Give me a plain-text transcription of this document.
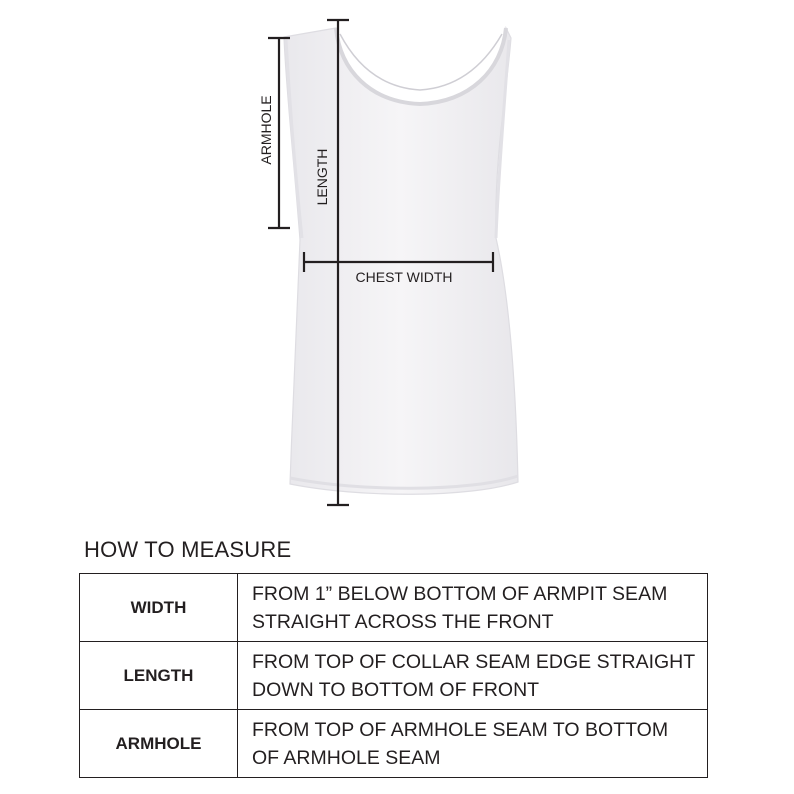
ARMHOLE
LENGTH
CHEST WIDTH
HOW TO MEASURE
WIDTH	FROM 1” BELOW BOTTOM OF ARMPIT SEAM
STRAIGHT ACROSS THE FRONT

LENGTH	FROM TOP OF COLLAR SEAM EDGE STRAIGHT
DOWN TO BOTTOM OF FRONT

ARMHOLE	FROM TOP OF ARMHOLE SEAM TO BOTTOM
OF ARMHOLE SEAM
